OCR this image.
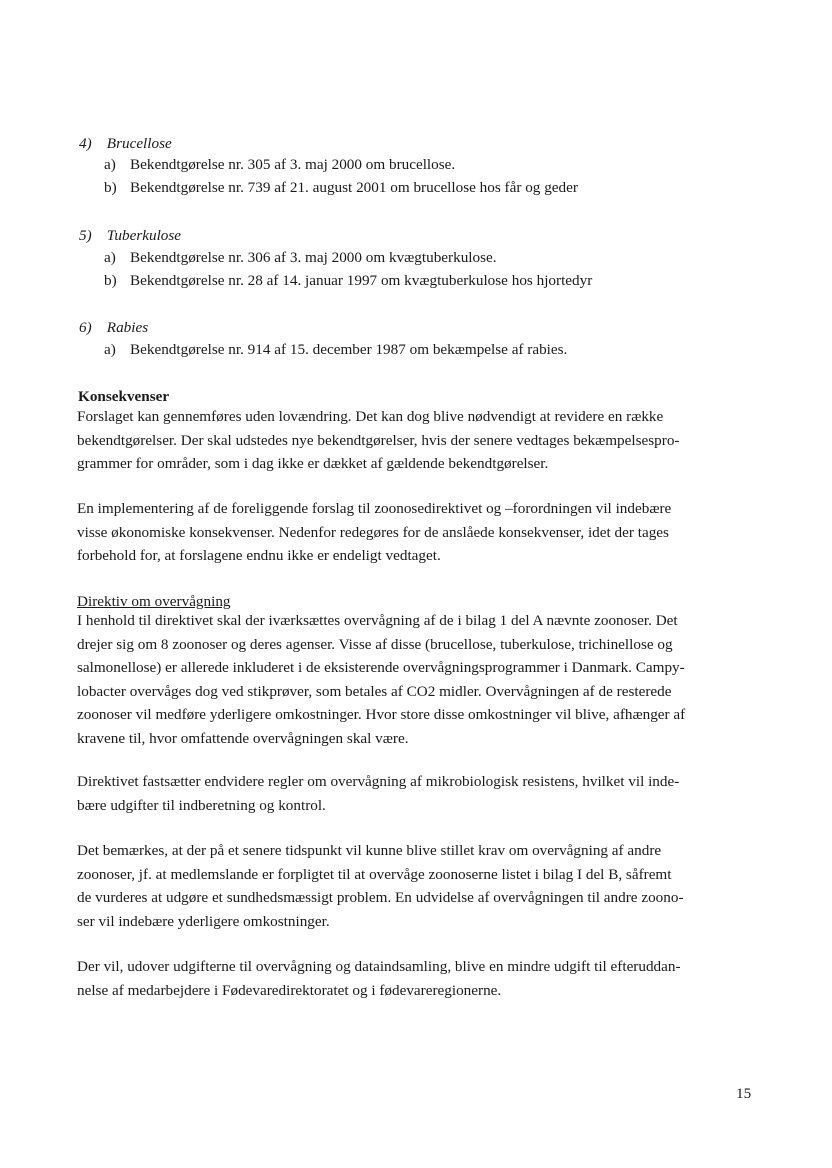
4) Brucellose
a) Bekendtgørelse nr. 305 af 3. maj 2000 om brucellose.
b) Bekendtgørelse nr. 739 af 21. august 2001 om brucellose hos får og geder
5) Tuberkulose
a) Bekendtgørelse nr. 306 af 3. maj 2000 om kvægtuberkulose.
b) Bekendtgørelse nr. 28 af 14. januar 1997 om kvægtuberkulose hos hjortedyr
6) Rabies
a) Bekendtgørelse nr. 914 af 15. december 1987 om bekæmpelse af rabies.
Konsekvenser
Forslaget kan gennemføres uden lovændring. Det kan dog blive nødvendigt at revidere en række
bekendtgørelser. Der skal udstedes nye bekendtgørelser, hvis der senere vedtages bekæmpelsespro-
grammer for områder, som i dag ikke er dækket af gældende bekendtgørelser.
En implementering af de foreliggende forslag til zoonosedirektivet og –forordningen vil indebære
visse økonomiske konsekvenser. Nedenfor redegøres for de anslåede konsekvenser, idet der tages
forbehold for, at forslagene endnu ikke er endeligt vedtaget.
Direktiv om overvågning
I henhold til direktivet skal der iværksættes overvågning af de i bilag 1 del A nævnte zoonoser. Det
drejer sig om 8 zoonoser og deres agenser. Visse af disse (brucellose, tuberkulose, trichinellose og
salmonellose) er allerede inkluderet i de eksisterende overvågningsprogrammer i Danmark. Campy-
lobacter overvåges dog ved stikprøver, som betales af CO2 midler. Overvågningen af de resterede
zoonoser vil medføre yderligere omkostninger. Hvor store disse omkostninger vil blive, afhænger af
kravene til, hvor omfattende overvågningen skal være.
Direktivet fastsætter endvidere regler om overvågning af mikrobiologisk resistens, hvilket vil inde-
bære udgifter til indberetning og kontrol.
Det bemærkes, at der på et senere tidspunkt vil kunne blive stillet krav om overvågning af andre
zoonoser, jf. at medlemslande er forpligtet til at overvåge zoonoserne listet i bilag I del B, såfremt
de vurderes at udgøre et sundhedsmæssigt problem. En udvidelse af overvågningen til andre zoono-
ser vil indebære yderligere omkostninger.
Der vil, udover udgifterne til overvågning og dataindsamling, blive en mindre udgift til efteruddan-
nelse af medarbejdere i Fødevaredirektoratet og i fødevareregionerne.
15
